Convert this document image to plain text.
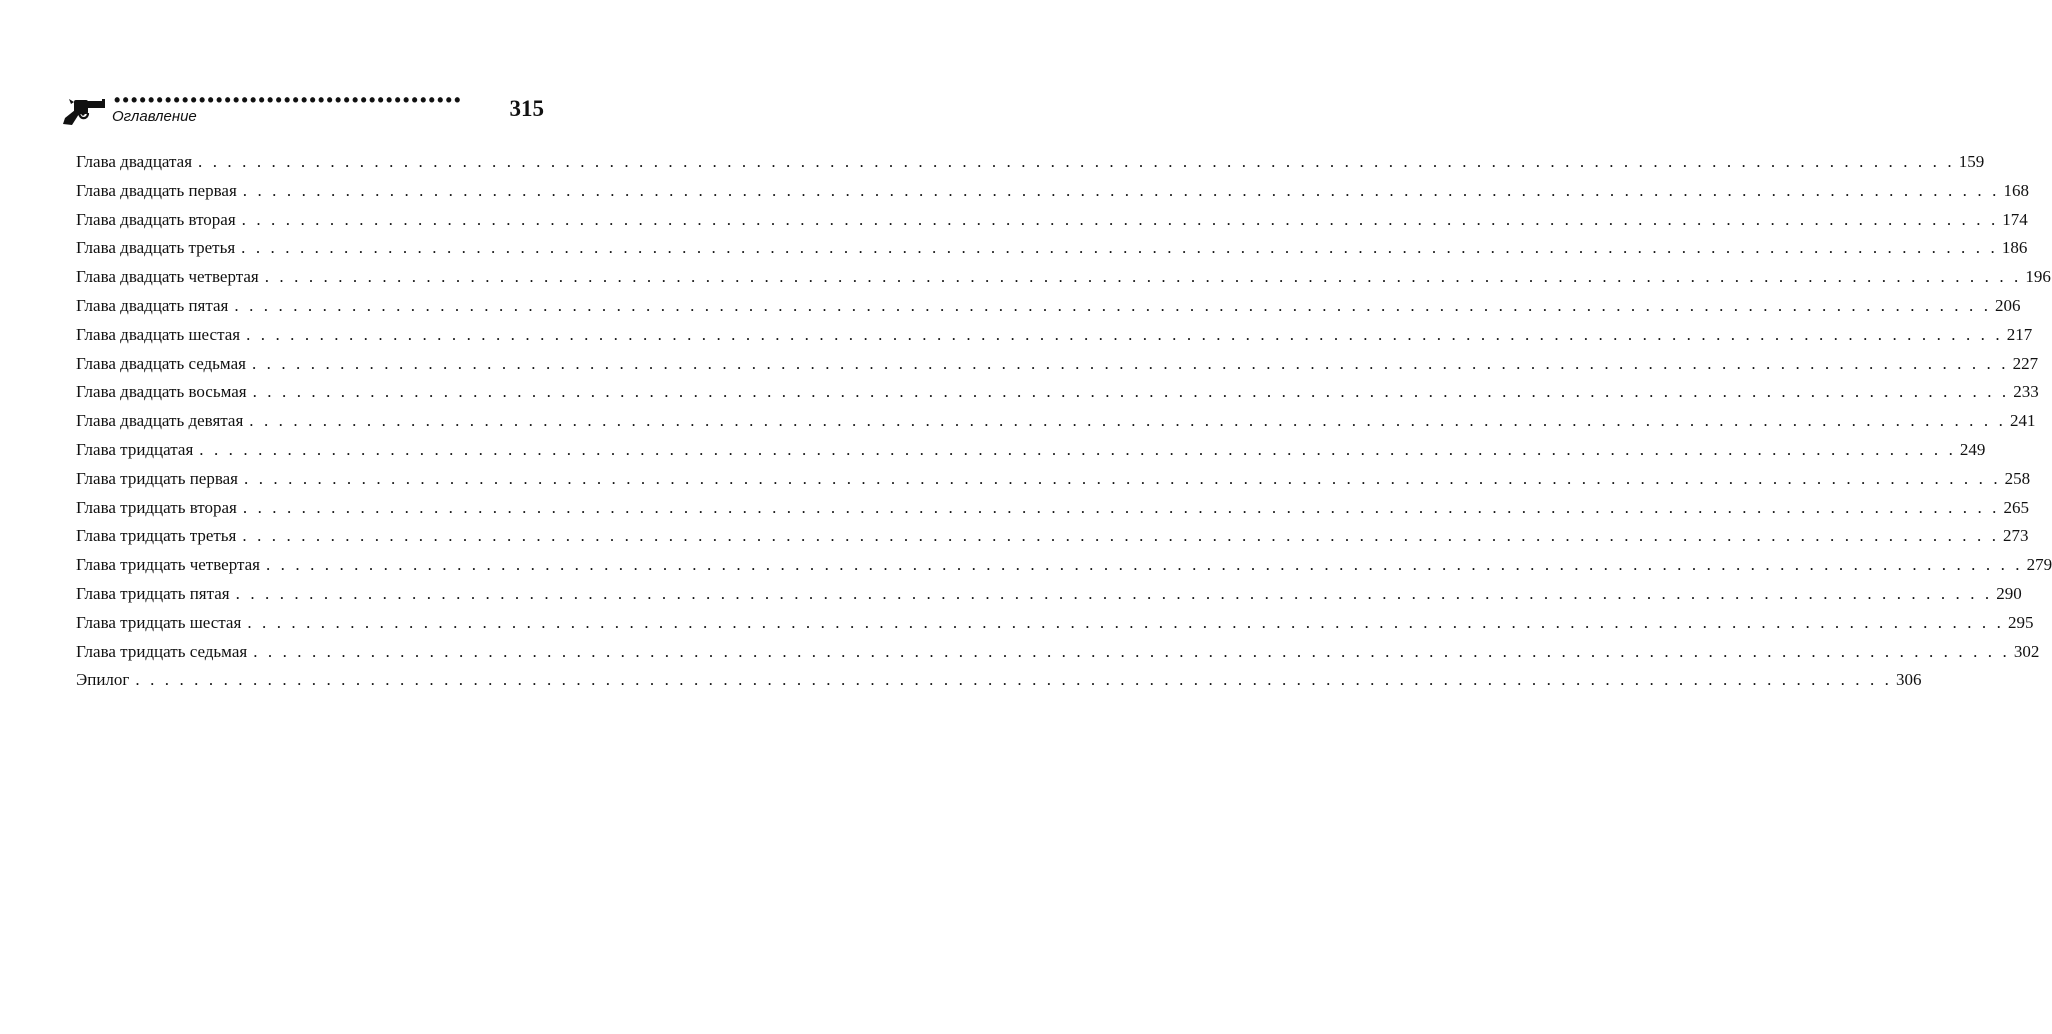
•••••••••••••••••••••••••••••••••••••••••
Оглавление	315
Глава двадцатая . . . . . . . . . . . . . . . . . . . . . . . . . . . . . . . . . . . . . . . . . . . . . . . . . . . . . . . . . . . . . . . . . . . . . . . . . . . . . . . . . . . . . . . . . . . . . . . . . . . . . . . . . . . . . . . . . . . . . . . . 159
Глава двадцать первая . . . . . . . . . . . . . . . . . . . . . . . . . . . . . . . . . . . . . . . . . . . . . . . . . . . . . . . . . . . . . . . . . . . . . . . . . . . . . . . . . . . . . . . . . . . . . . . . . . . . . . . . . . . . . . . . . . . . . . . . 168
Глава двадцать вторая . . . . . . . . . . . . . . . . . . . . . . . . . . . . . . . . . . . . . . . . . . . . . . . . . . . . . . . . . . . . . . . . . . . . . . . . . . . . . . . . . . . . . . . . . . . . . . . . . . . . . . . . . . . . . . . . . . . . . . . . 174
Глава двадцать третья . . . . . . . . . . . . . . . . . . . . . . . . . . . . . . . . . . . . . . . . . . . . . . . . . . . . . . . . . . . . . . . . . . . . . . . . . . . . . . . . . . . . . . . . . . . . . . . . . . . . . . . . . . . . . . . . . . . . . . . . 186
Глава двадцать четвертая . . . . . . . . . . . . . . . . . . . . . . . . . . . . . . . . . . . . . . . . . . . . . . . . . . . . . . . . . . . . . . . . . . . . . . . . . . . . . . . . . . . . . . . . . . . . . . . . . . . . . . . . . . . . . . . . . . . . . . . . 196
Глава двадцать пятая . . . . . . . . . . . . . . . . . . . . . . . . . . . . . . . . . . . . . . . . . . . . . . . . . . . . . . . . . . . . . . . . . . . . . . . . . . . . . . . . . . . . . . . . . . . . . . . . . . . . . . . . . . . . . . . . . . . . . . . . 206
Глава двадцать шестая . . . . . . . . . . . . . . . . . . . . . . . . . . . . . . . . . . . . . . . . . . . . . . . . . . . . . . . . . . . . . . . . . . . . . . . . . . . . . . . . . . . . . . . . . . . . . . . . . . . . . . . . . . . . . . . . . . . . . . . . 217
Глава двадцать седьмая . . . . . . . . . . . . . . . . . . . . . . . . . . . . . . . . . . . . . . . . . . . . . . . . . . . . . . . . . . . . . . . . . . . . . . . . . . . . . . . . . . . . . . . . . . . . . . . . . . . . . . . . . . . . . . . . . . . . . . . . 227
Глава двадцать восьмая . . . . . . . . . . . . . . . . . . . . . . . . . . . . . . . . . . . . . . . . . . . . . . . . . . . . . . . . . . . . . . . . . . . . . . . . . . . . . . . . . . . . . . . . . . . . . . . . . . . . . . . . . . . . . . . . . . . . . . . . 233
Глава двадцать девятая . . . . . . . . . . . . . . . . . . . . . . . . . . . . . . . . . . . . . . . . . . . . . . . . . . . . . . . . . . . . . . . . . . . . . . . . . . . . . . . . . . . . . . . . . . . . . . . . . . . . . . . . . . . . . . . . . . . . . . . . 241
Глава тридцатая . . . . . . . . . . . . . . . . . . . . . . . . . . . . . . . . . . . . . . . . . . . . . . . . . . . . . . . . . . . . . . . . . . . . . . . . . . . . . . . . . . . . . . . . . . . . . . . . . . . . . . . . . . . . . . . . . . . . . . . . 249
Глава тридцать первая . . . . . . . . . . . . . . . . . . . . . . . . . . . . . . . . . . . . . . . . . . . . . . . . . . . . . . . . . . . . . . . . . . . . . . . . . . . . . . . . . . . . . . . . . . . . . . . . . . . . . . . . . . . . . . . . . . . . . . . . 258
Глава тридцать вторая . . . . . . . . . . . . . . . . . . . . . . . . . . . . . . . . . . . . . . . . . . . . . . . . . . . . . . . . . . . . . . . . . . . . . . . . . . . . . . . . . . . . . . . . . . . . . . . . . . . . . . . . . . . . . . . . . . . . . . . . 265
Глава тридцать третья . . . . . . . . . . . . . . . . . . . . . . . . . . . . . . . . . . . . . . . . . . . . . . . . . . . . . . . . . . . . . . . . . . . . . . . . . . . . . . . . . . . . . . . . . . . . . . . . . . . . . . . . . . . . . . . . . . . . . . . . 273
Глава тридцать четвертая . . . . . . . . . . . . . . . . . . . . . . . . . . . . . . . . . . . . . . . . . . . . . . . . . . . . . . . . . . . . . . . . . . . . . . . . . . . . . . . . . . . . . . . . . . . . . . . . . . . . . . . . . . . . . . . . . . . . . . . . 279
Глава тридцать пятая . . . . . . . . . . . . . . . . . . . . . . . . . . . . . . . . . . . . . . . . . . . . . . . . . . . . . . . . . . . . . . . . . . . . . . . . . . . . . . . . . . . . . . . . . . . . . . . . . . . . . . . . . . . . . . . . . . . . . . . . 290
Глава тридцать шестая . . . . . . . . . . . . . . . . . . . . . . . . . . . . . . . . . . . . . . . . . . . . . . . . . . . . . . . . . . . . . . . . . . . . . . . . . . . . . . . . . . . . . . . . . . . . . . . . . . . . . . . . . . . . . . . . . . . . . . . . 295
Глава тридцать седьмая . . . . . . . . . . . . . . . . . . . . . . . . . . . . . . . . . . . . . . . . . . . . . . . . . . . . . . . . . . . . . . . . . . . . . . . . . . . . . . . . . . . . . . . . . . . . . . . . . . . . . . . . . . . . . . . . . . . . . . . . 302
Эпилог . . . . . . . . . . . . . . . . . . . . . . . . . . . . . . . . . . . . . . . . . . . . . . . . . . . . . . . . . . . . . . . . . . . . . . . . . . . . . . . . . . . . . . . . . . . . . . . . . . . . . . . . . . . . . . . . . . . . . . . . 306
